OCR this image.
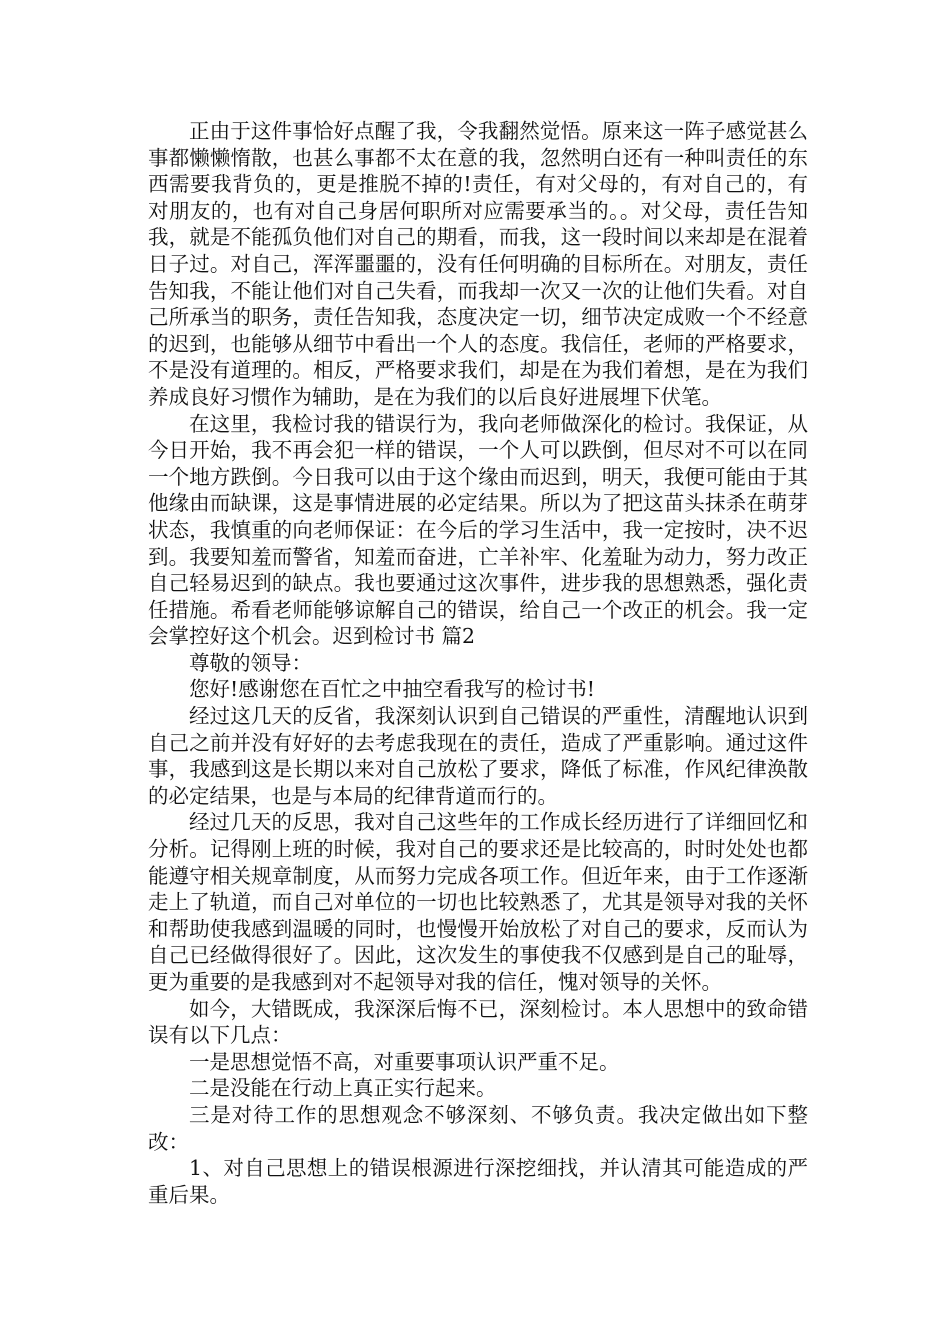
正由于这件事恰好点醒了我，令我翻然觉悟。原来这一阵子感觉甚么事都懒懒惰散，也甚么事都不太在意的我，忽然明白还有一种叫责任的东西需要我背负的，更是推脱不掉的!责任，有对父母的，有对自己的，有对朋友的，也有对自己身居何职所对应需要承当的。。对父母，责任告知我，就是不能孤负他们对自己的期看，而我，这一段时间以来却是在混着日子过。对自己，浑浑噩噩的，没有任何明确的目标所在。对朋友，责任告知我，不能让他们对自己失看，而我却一次又一次的让他们失看。对自己所承当的职务，责任告知我，态度决定一切，细节决定成败一个不经意的迟到，也能够从细节中看出一个人的态度。我信任，老师的严格要求，不是没有道理的。相反，严格要求我们，却是在为我们着想，是在为我们养成良好习惯作为辅助，是在为我们的以后良好进展埋下伏笔。

在这里，我检讨我的错误行为，我向老师做深化的检讨。我保证，从今日开始，我不再会犯一样的错误，一个人可以跌倒，但尽对不可以在同一个地方跌倒。今日我可以由于这个缘由而迟到，明天，我便可能由于其他缘由而缺课，这是事情进展的必定结果。所以为了把这苗头抹杀在萌芽状态，我慎重的向老师保证：在今后的学习生活中，我一定按时，决不迟到。我要知羞而警省，知羞而奋进，亡羊补牢、化羞耻为动力，努力改正自己轻易迟到的缺点。我也要通过这次事件，进步我的思想熟悉，强化责任措施。希看老师能够谅解自己的错误，给自己一个改正的机会。我一定会掌控好这个机会。迟到检讨书 篇2

尊敬的领导：

您好!感谢您在百忙之中抽空看我写的检讨书!

经过这几天的反省，我深刻认识到自己错误的严重性，清醒地认识到自己之前并没有好好的去考虑我现在的责任，造成了严重影响。通过这件事，我感到这是长期以来对自己放松了要求，降低了标准，作风纪律涣散的必定结果，也是与本局的纪律背道而行的。

经过几天的反思，我对自己这些年的工作成长经历进行了详细回忆和分析。记得刚上班的时候，我对自己的要求还是比较高的，时时处处也都能遵守相关规章制度，从而努力完成各项工作。但近年来，由于工作逐渐走上了轨道，而自己对单位的一切也比较熟悉了，尤其是领导对我的关怀和帮助使我感到温暖的同时，也慢慢开始放松了对自己的要求，反而认为自己已经做得很好了。因此，这次发生的事使我不仅感到是自己的耻辱，更为重要的是我感到对不起领导对我的信任，愧对领导的关怀。

如今，大错既成，我深深后悔不已，深刻检讨。本人思想中的致命错误有以下几点：

一是思想觉悟不高，对重要事项认识严重不足。

二是没能在行动上真正实行起来。

三是对待工作的思想观念不够深刻、不够负责。我决定做出如下整改：

1、对自己思想上的错误根源进行深挖细找，并认清其可能造成的严重后果。
